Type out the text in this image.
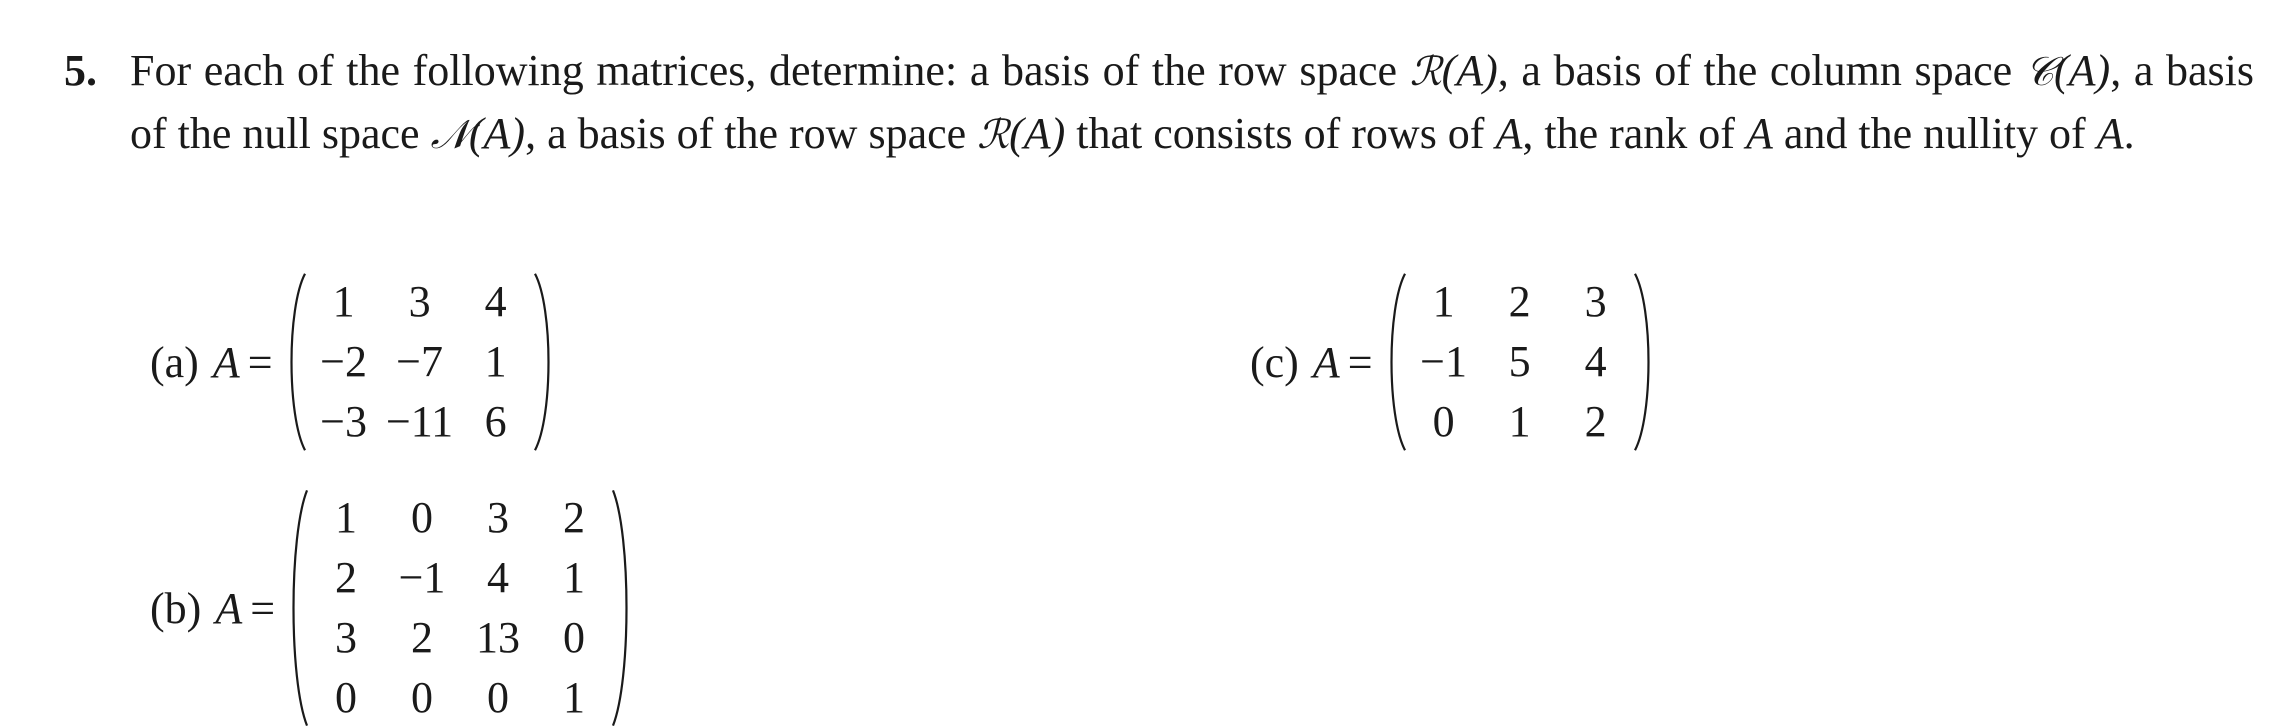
5. For each of the following matrices, determine: a basis of the row space ℛ(A), a basis of the column space 𝒞(A), a basis of the null space 𝒩(A), a basis of the row space ℛ(A) that consists of rows of A, the rank of A and the nullity of A.
(a) A =
1	3	4
−2 −7 1
−3 −11 6
(b) A =
1	0	3	2
2 −1 4	1
3	2 13 0
0	0	0	1
(c) A =
1	2	3
−1 5	4
0	1	2
